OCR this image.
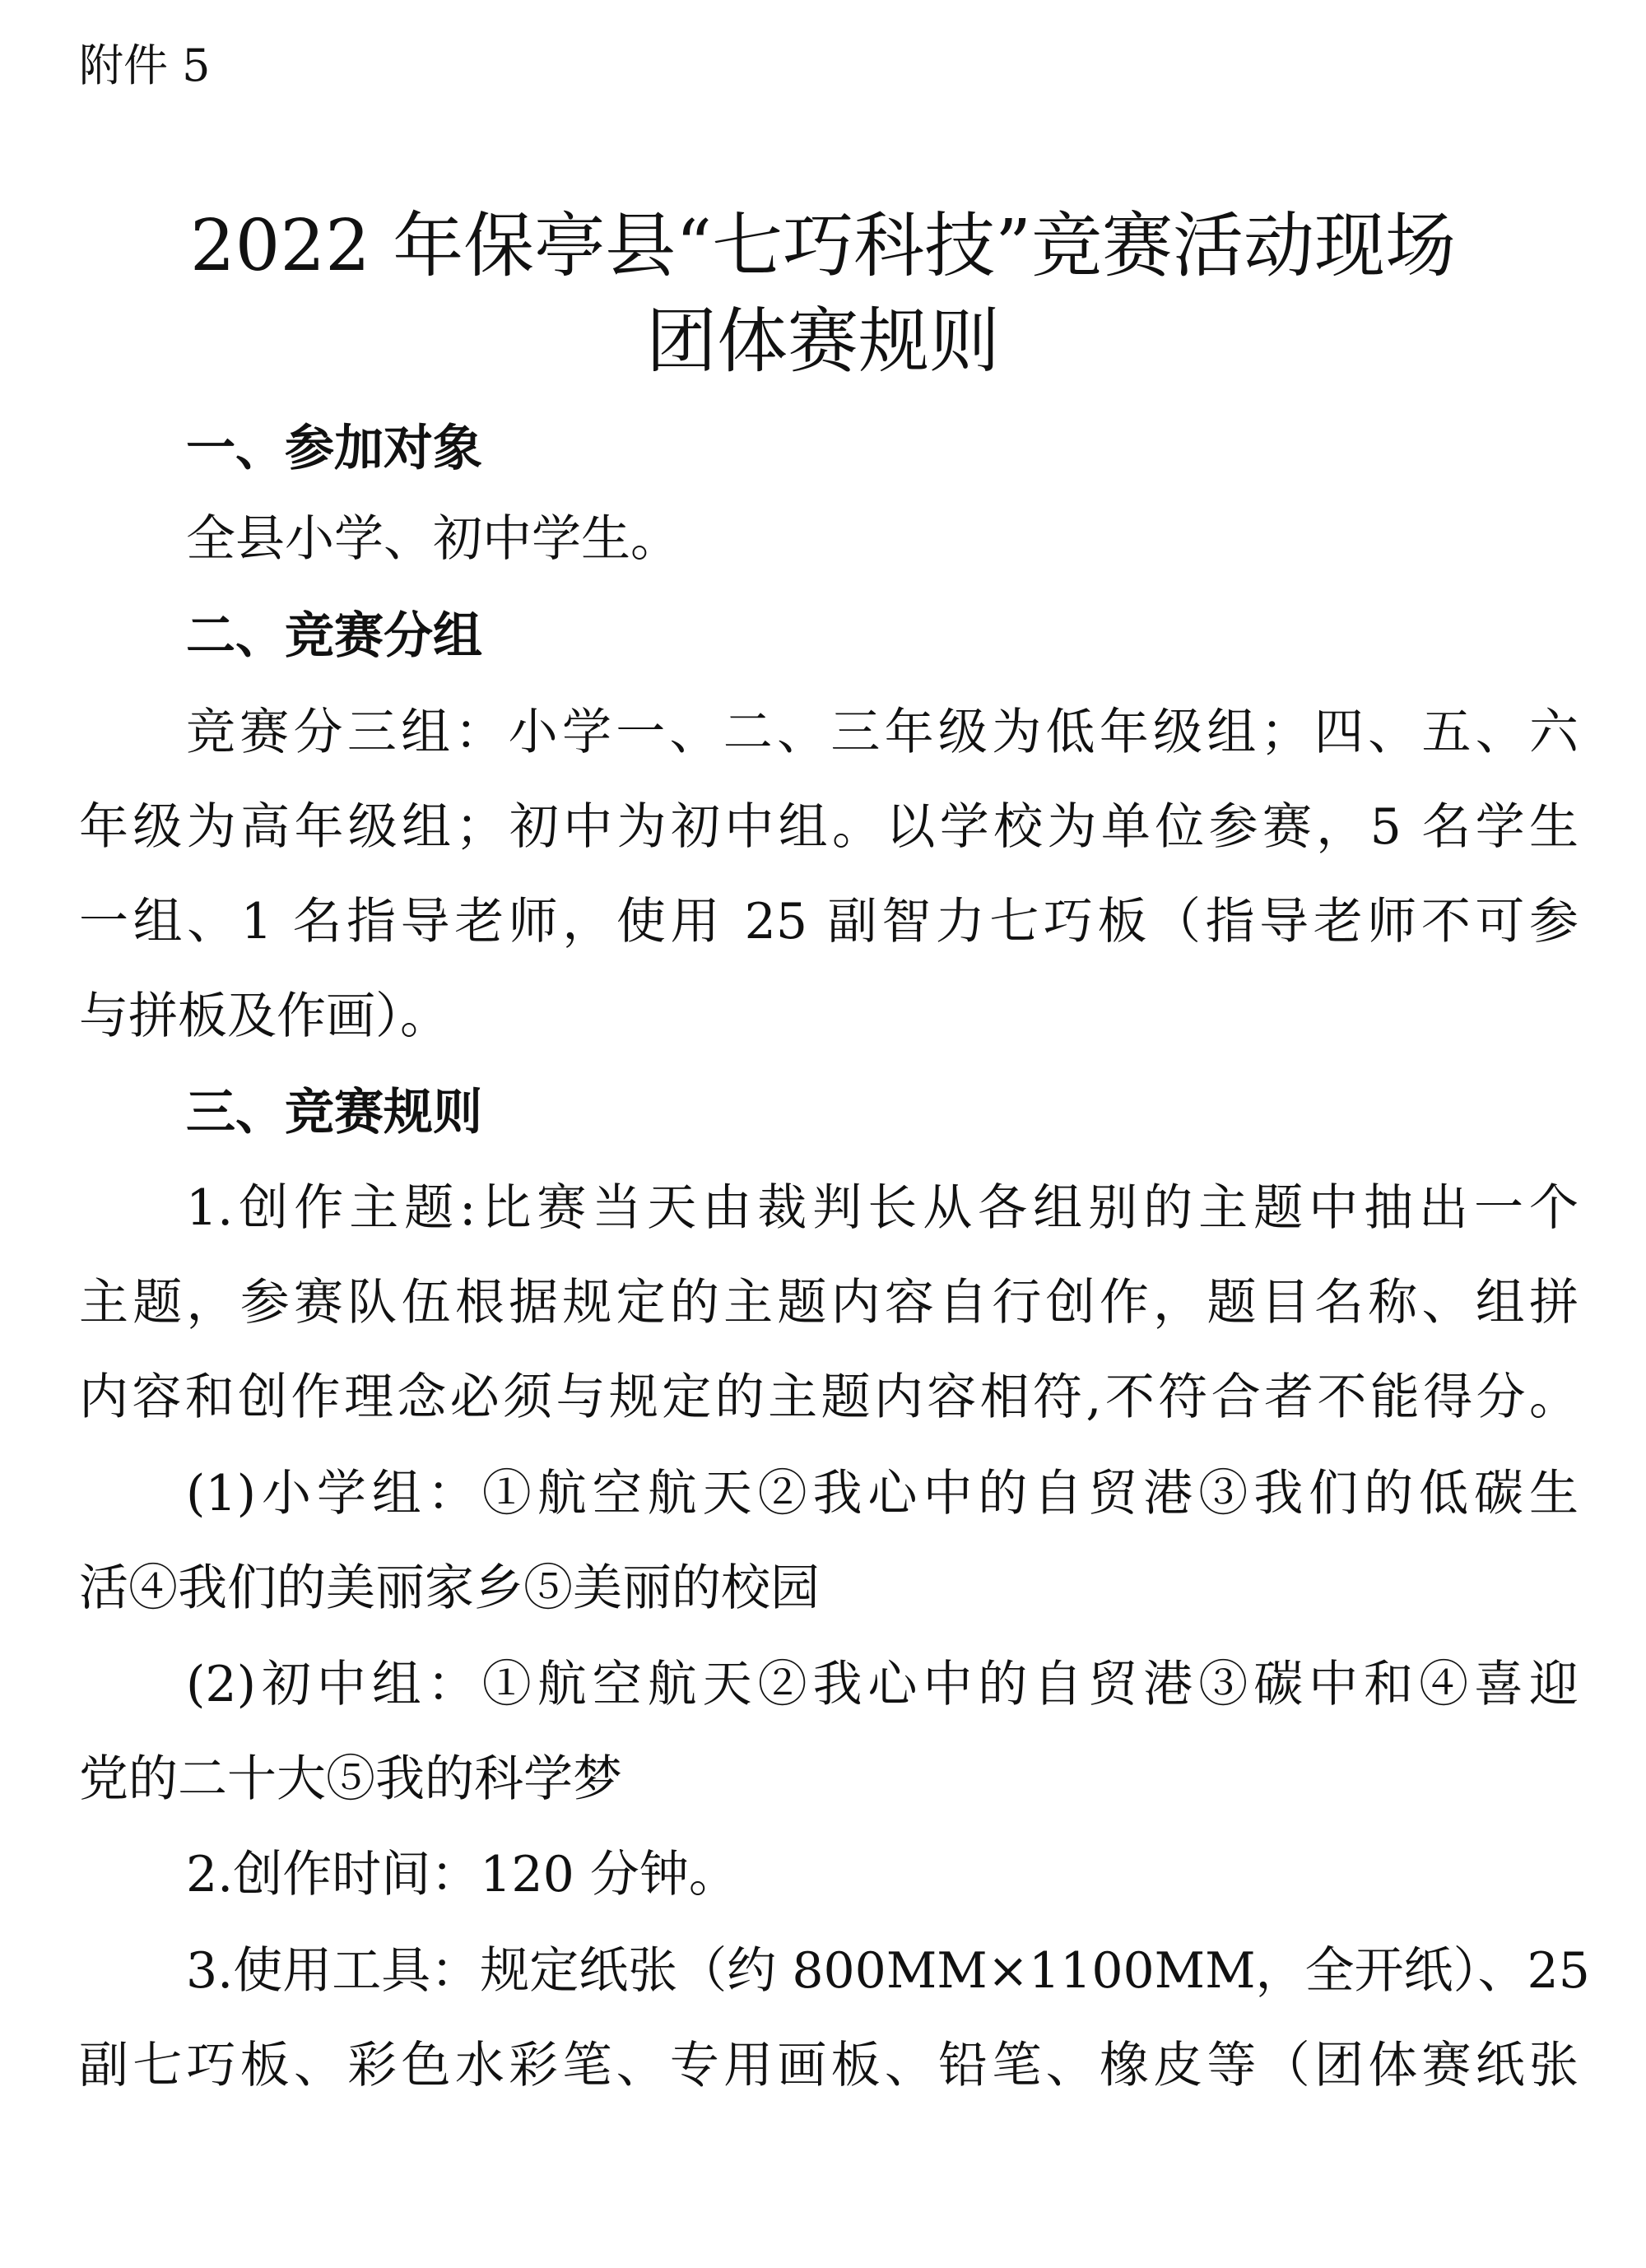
附件 5
2022 年保亭县“七巧科技”竞赛活动现场
团体赛规则
一、参加对象
全县小学、初中学生。
二、竞赛分组
竞赛分三组：小学一、二、三年级为低年级组；四、五、六
年级为高年级组；初中为初中组。以学校为单位参赛，5 名学生
一组、1 名指导老师，使用 25 副智力七巧板（指导老师不可参
与拼板及作画）。
三、竞赛规则
1.创作主题:比赛当天由裁判长从各组别的主题中抽出一个
主题，参赛队伍根据规定的主题内容自行创作，题目名称、组拼
内容和创作理念必须与规定的主题内容相符,不符合者不能得分。
(1)小学组：①航空航天②我心中的自贸港③我们的低碳生
活④我们的美丽家乡⑤美丽的校园
(2)初中组：①航空航天②我心中的自贸港③碳中和④喜迎
党的二十大⑤我的科学梦
2.创作时间：120 分钟。
3.使用工具：规定纸张（约 800MM×1100MM，全开纸）、25
副七巧板、彩色水彩笔、专用画板、铅笔、橡皮等（团体赛纸张
